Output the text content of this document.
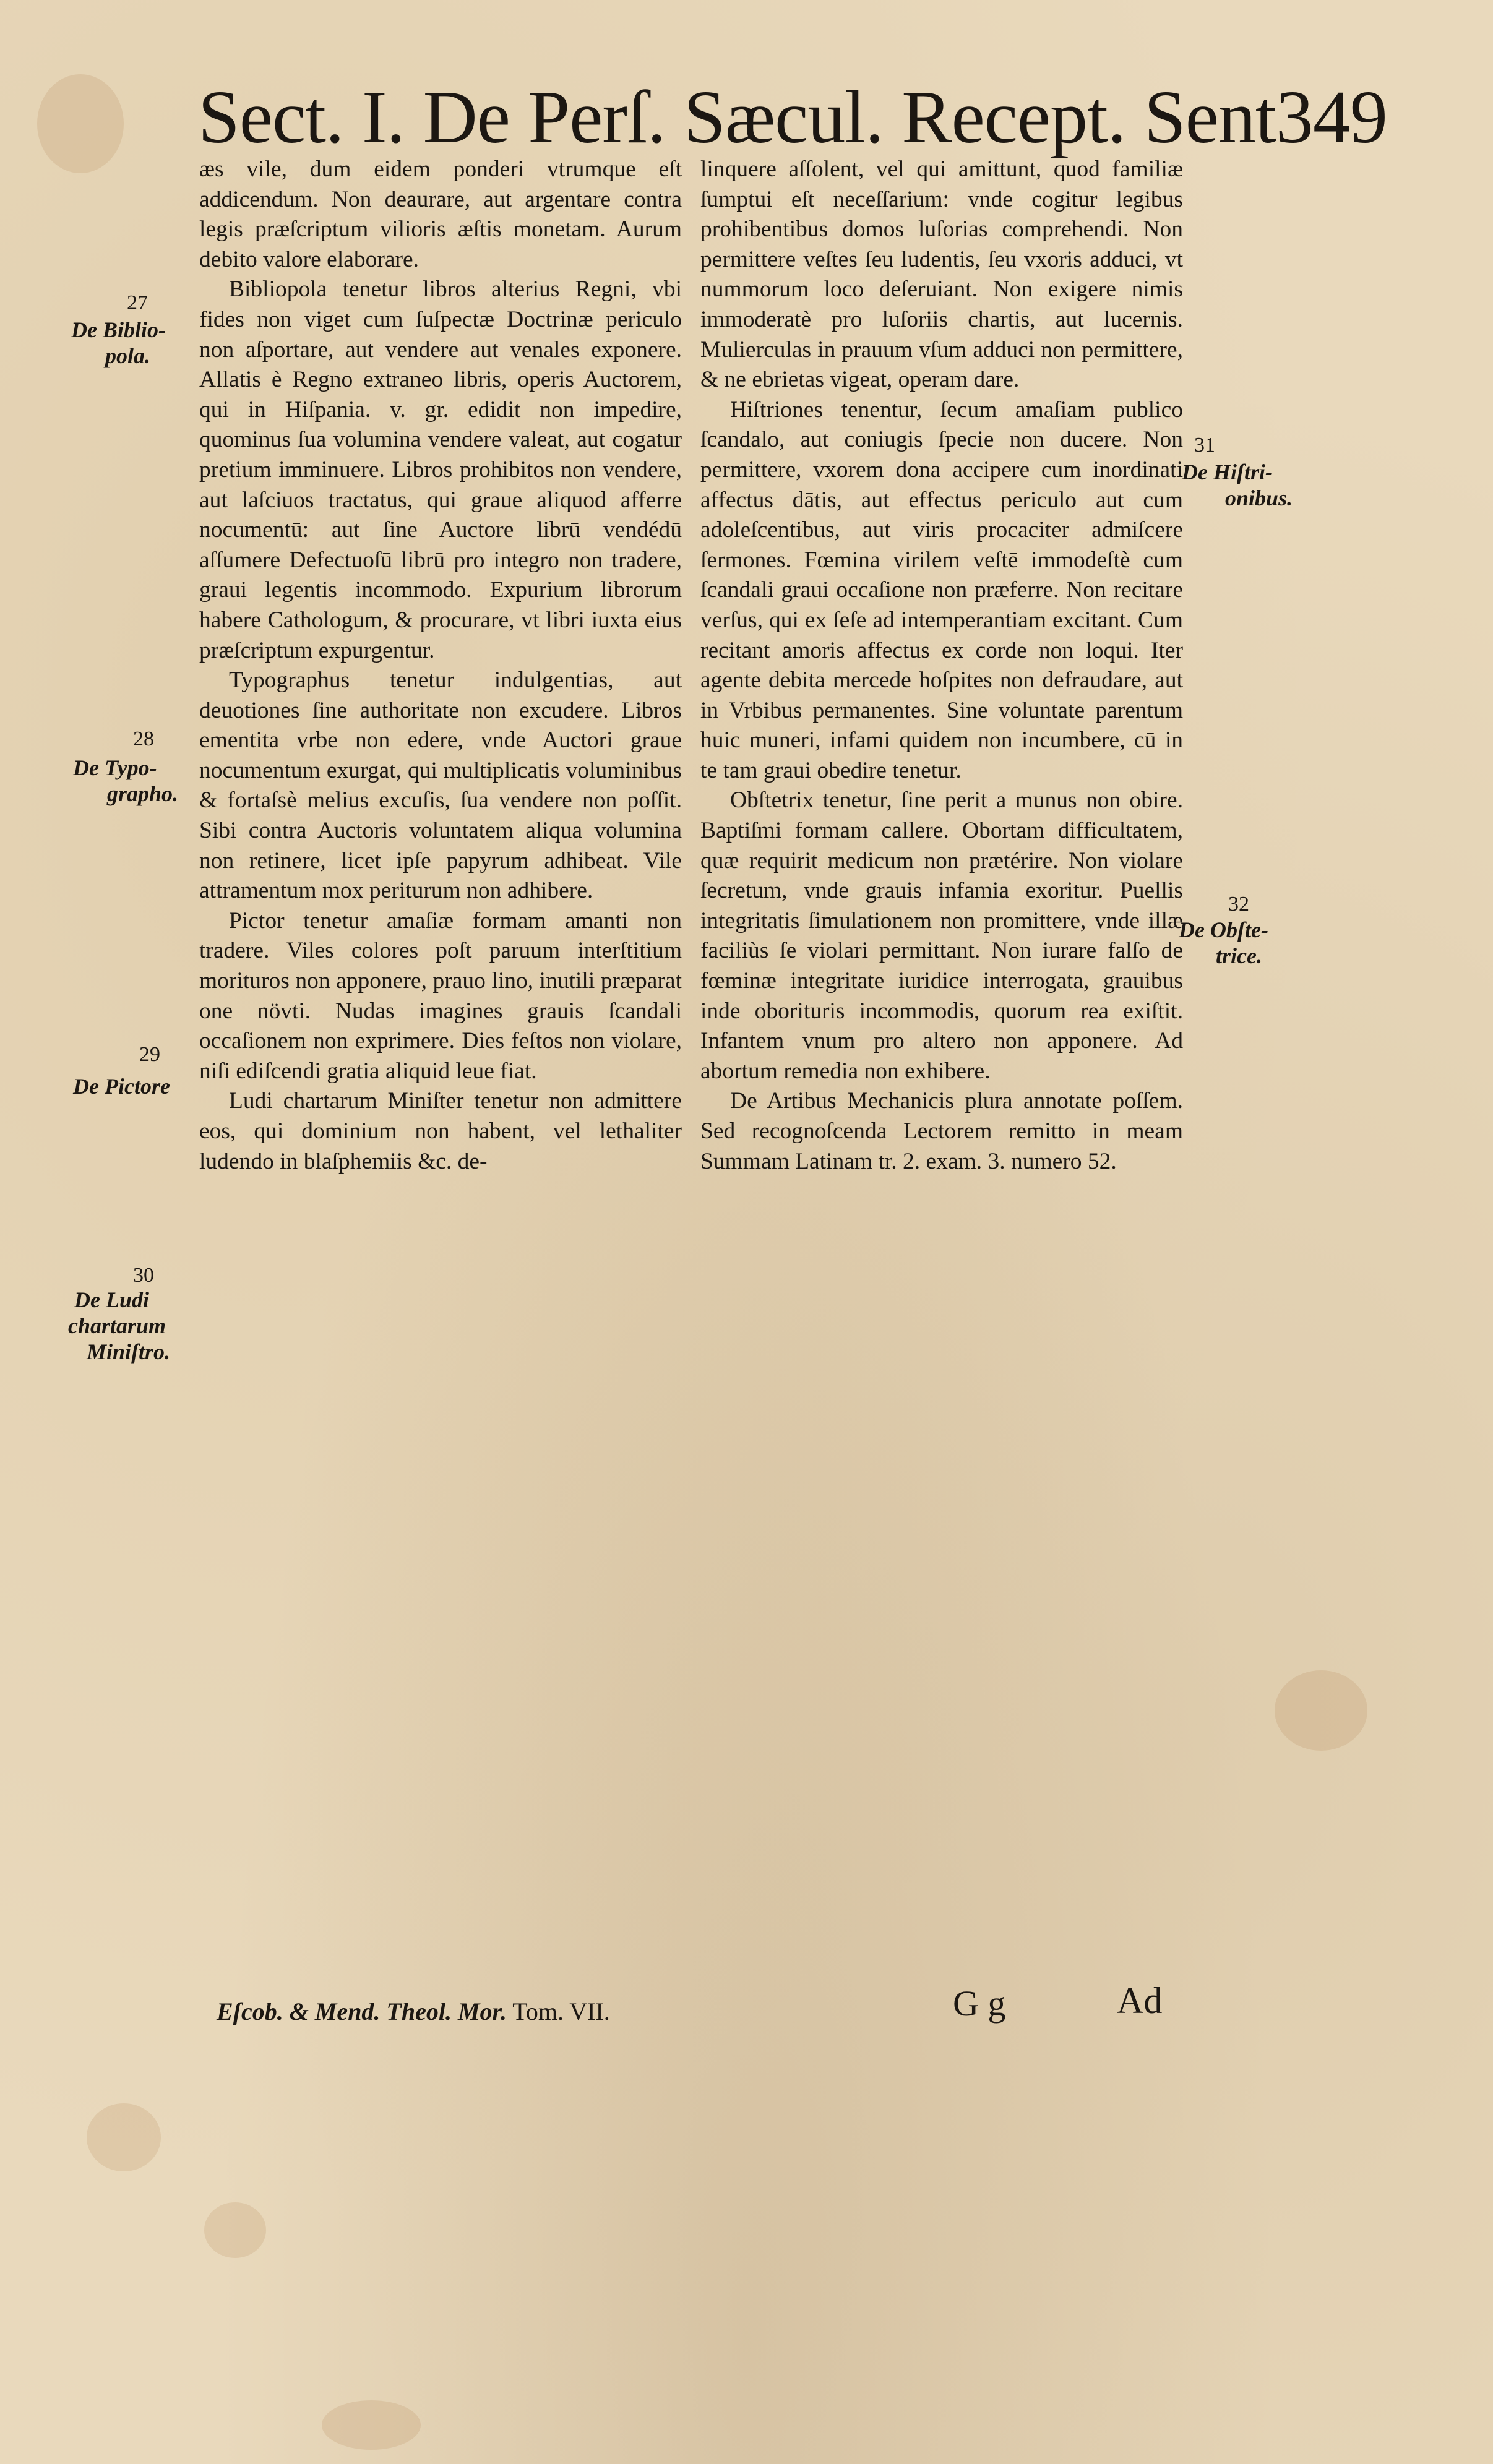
Sect. I. De Perſ. Sæcul. Recept. Sent 349
27
De Biblio-
pola.
28
De Typo-
grapho.
29
De Pictore
30
De Ludi
chartarum
Miniſtro.
31
De Hiſtri-
onibus.
32
De Obſte-
trice.

æs vile, dum eidem ponderi vtrumque eſt addicendum. Non deaurare, aut argentare contra legis præſcriptum vilioris æſtis monetam. Aurum debito valore elaborare.

Bibliopola tenetur libros alterius Regni, vbi fides non viget cum ſuſpectæ Doctrinæ periculo non aſportare, aut vendere aut venales exponere. Allatis è Regno extraneo libris, operis Auctorem, qui in Hiſpania. v. gr. edidit non impedire, quominus ſua volumina vendere valeat, aut cogatur pretium imminuere. Libros prohibitos non vendere, aut laſciuos tractatus, qui graue aliquod afferre nocumentū: aut ſine Auctore librū vendédū aſſumere Defectuoſū librū pro integro non tradere, graui legentis incommodo. Expurium librorum habere Cathologum, & procurare, vt libri iuxta eius præſcriptum expurgentur.

Typographus tenetur indulgentias, aut deuotiones ſine authoritate non excudere. Libros ementita vrbe non edere, vnde Auctori graue nocumentum exurgat, qui multiplicatis voluminibus & fortaſsè melius excuſis, ſua vendere non poſſit. Sibi contra Auctoris voluntatem aliqua volumina non retinere, licet ipſe papyrum adhibeat. Vile attramentum mox periturum non adhibere.

Pictor tenetur amaſiæ formam amanti non tradere. Viles colores poſt paruum interſtitium morituros non apponere, prauo lino, inutili præparat one növti. Nudas imagines grauis ſcandali occaſionem non exprimere. Dies feſtos non violare, niſi ediſcendi gratia aliquid leue fiat.

Ludi chartarum Miniſter tenetur non admittere eos, qui dominium non habent, vel lethaliter ludendo in blaſphemiis &c. de-

linquere aſſolent, vel qui amittunt, quod familiæ ſumptui eſt neceſſarium: vnde cogitur legibus prohibentibus domos luſorias comprehendi. Non permittere veſtes ſeu ludentis, ſeu vxoris adduci, vt nummorum loco deſeruiant. Non exigere nimis immoderatè pro luſoriis chartis, aut lucernis. Mulierculas in prauum vſum adduci non permittere, & ne ebrietas vigeat, operam dare.

Hiſtriones tenentur, ſecum amaſiam publico ſcandalo, aut coniugis ſpecie non ducere. Non permittere, vxorem dona accipere cum inordinati affectus dātis, aut effectus periculo aut cum adoleſcentibus, aut viris procaciter admiſcere ſermones. Fœmina virilem veſtē immodeſtè cum ſcandali graui occaſione non præferre. Non recitare verſus, qui ex ſeſe ad intemperantiam excitant. Cum recitant amoris affectus ex corde non loqui. Iter agente debita mercede hoſpites non defraudare, aut in Vrbibus permanentes. Sine voluntate parentum huic muneri, infami quidem non incumbere, cū in te tam graui obedire tenetur.

Obſtetrix tenetur, ſine perit a munus non obire. Baptiſmi formam callere. Obortam difficultatem, quæ requirit medicum non prætérire. Non violare ſecretum, vnde grauis infamia exoritur. Puellis integritatis ſimulationem non promittere, vnde illæ faciliùs ſe violari permittant. Non iurare falſo de fœminæ integritate iuridice interrogata, grauibus inde oborituris incommodis, quorum rea exiſtit. Infantem vnum pro altero non apponere. Ad abortum remedia non exhibere.

De Artibus Mechanicis plura annotate poſſem. Sed recognoſcenda Lectorem remitto in meam Summam Latinam tr. 2. exam. 3. numero 52.

Eſcob. & Mend. Theol. Mor. Tom. VII.	G g	Ad
